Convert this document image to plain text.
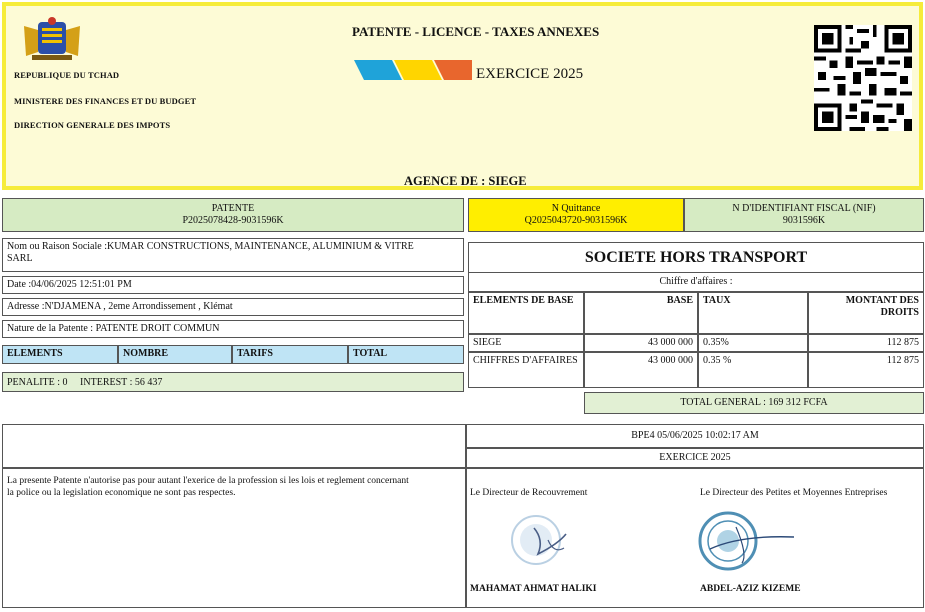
REPUBLIQUE DU TCHAD
MINISTERE DES FINANCES ET DU BUDGET
DIRECTION GENERALE DES IMPOTS
PATENTE - LICENCE - TAXES ANNEXES
EXERCICE 2025
AGENCE DE : SIEGE
PATENTE
P2025078428-9031596K
N Quittance
Q2025043720-9031596K
N D'IDENTIFIANT FISCAL (NIF)
9031596K
Nom ou Raison Sociale :KUMAR CONSTRUCTIONS, MAINTENANCE, ALUMINIUM & VITRE
SARL
Date :04/06/2025 12:51:01 PM
Adresse :N'DJAMENA , 2eme Arrondissement , Klémat
Nature de la Patente : PATENTE DROIT COMMUN
ELEMENTS	NOMBRE	TARIFS	TOTAL
PENALITE : 0     INTEREST : 56 437
SOCIETE HORS TRANSPORT
Chiffre d'affaires :
ELEMENTS DE BASE	BASE	TAUX	MONTANT DES DROITS
SIEGE	43 000 000	0.35%	112 875
CHIFFRES D'AFFAIRES	43 000 000	0.35 %	112 875
TOTAL GENERAL : 169 312 FCFA
BPE4 05/06/2025 10:02:17 AM
EXERCICE 2025
La presente Patente n'autorise pas pour autant l'exerice de la profession si les lois et reglement concernant
la police ou la legislation economique ne sont pas respectes.	Le Directeur de Recouvrement	Le Directeur des Petites et Moyennes Entreprises
MAHAMAT AHMAT HALIKI	ABDEL-AZIZ KIZEME
